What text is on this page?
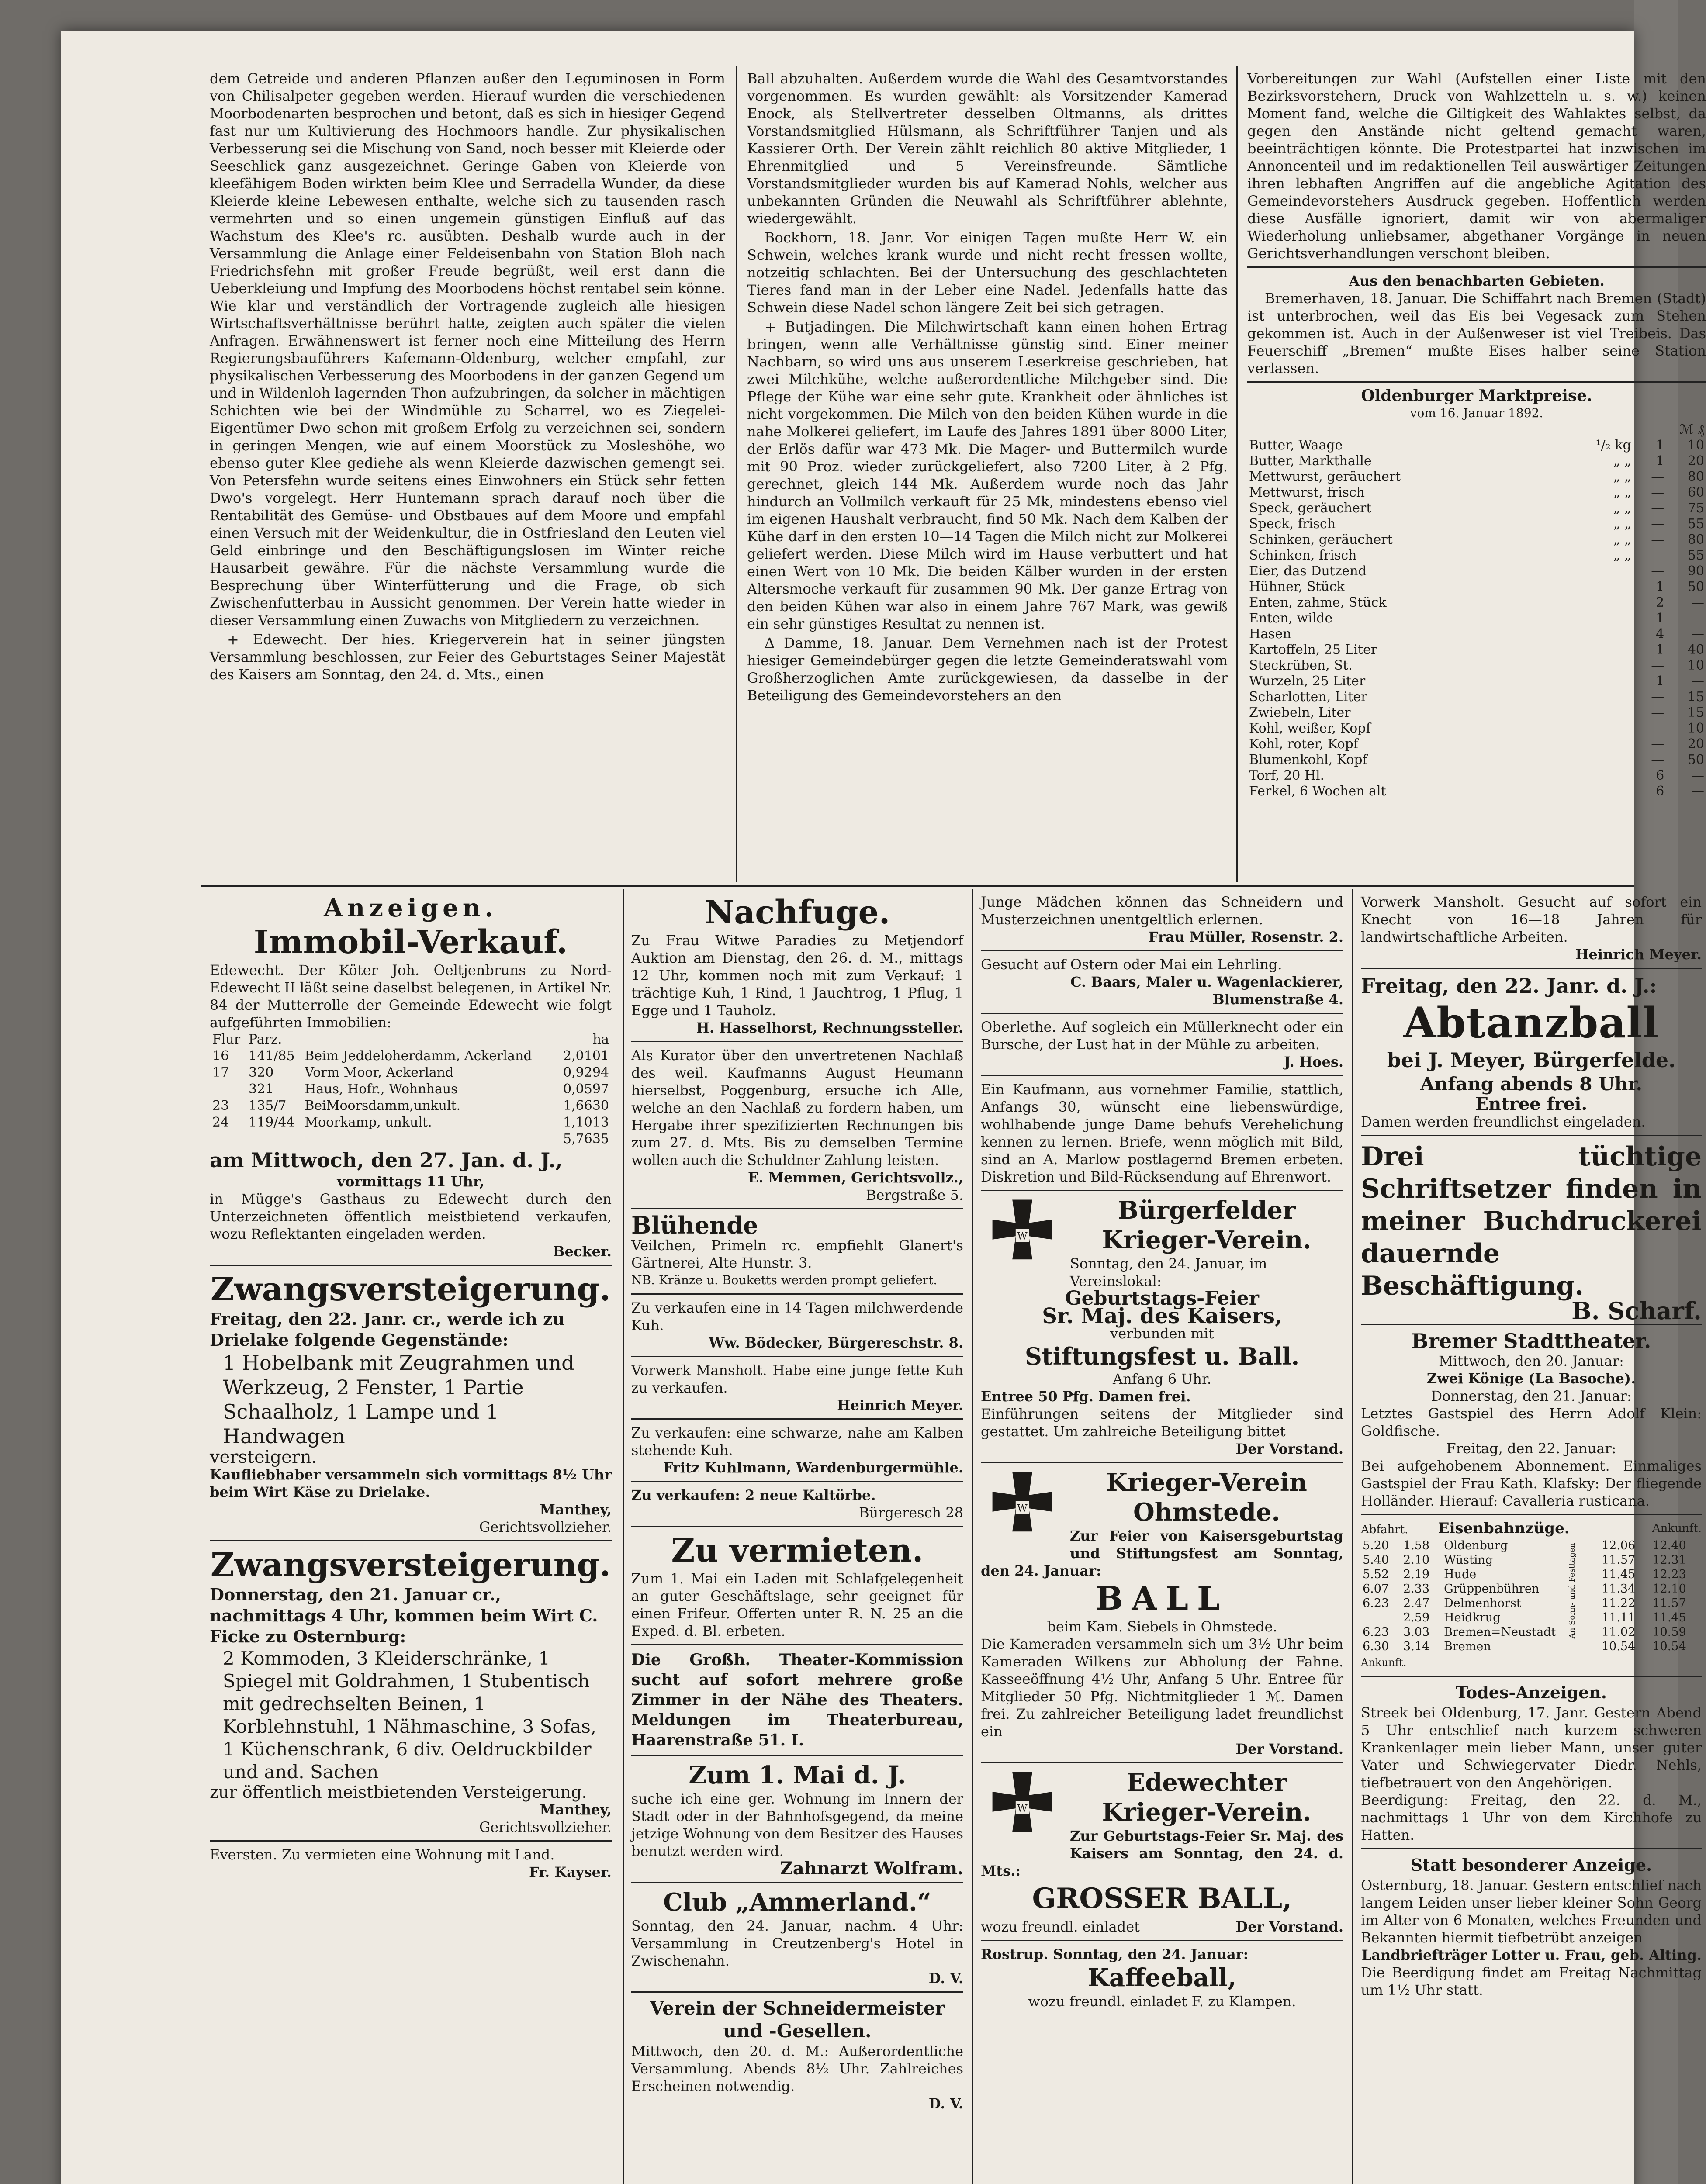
dem Getreide und anderen Pflanzen außer den Leguminosen in Form von Chilisalpeter gegeben werden. Hierauf wurden die verschiedenen Moorbodenarten besprochen und betont, daß es sich in hiesiger Gegend fast nur um Kultivierung des Hochmoors handle. Zur physikalischen Verbesserung sei die Mischung von Sand, noch besser mit Kleierde oder Seeschlick ganz ausgezeichnet. Geringe Gaben von Kleierde von kleefähigem Boden wirkten beim Klee und Serradella Wunder, da diese Kleierde kleine Lebewesen enthalte, welche sich zu tausenden rasch vermehrten und so einen ungemein günstigen Einfluß auf das Wachstum des Klee's rc. ausübten. Deshalb wurde auch in der Versammlung die Anlage einer Feldeisenbahn von Station Bloh nach Friedrichsfehn mit großer Freude begrüßt, weil erst dann die Ueberkleiung und Impfung des Moorbodens höchst rentabel sein könne. Wie klar und verständlich der Vortragende zugleich alle hiesigen Wirtschaftsverhältnisse berührt hatte, zeigten auch später die vielen Anfragen. Erwähnenswert ist ferner noch eine Mitteilung des Herrn Regierungsbauführers Kafemann-Oldenburg, welcher empfahl, zur physikalischen Verbesserung des Moorbodens in der ganzen Gegend um und in Wildenloh lagernden Thon aufzubringen, da solcher in mächtigen Schichten wie bei der Windmühle zu Scharrel, wo es Ziegelei-Eigentümer Dwo schon mit großem Erfolg zu verzeichnen sei, sondern in geringen Mengen, wie auf einem Moorstück zu Mosleshöhe, wo ebenso guter Klee gediehe als wenn Kleierde dazwischen gemengt sei. Von Petersfehn wurde seitens eines Einwohners ein Stück sehr fetten Dwo's vorgelegt. Herr Huntemann sprach darauf noch über die Rentabilität des Gemüse- und Obstbaues auf dem Moore und empfahl einen Versuch mit der Weidenkultur, die in Ostfriesland den Leuten viel Geld einbringe und den Beschäftigungslosen im Winter reiche Hausarbeit gewähre. Für die nächste Versammlung wurde die Besprechung über Winterfütterung und die Frage, ob sich Zwischenfutterbau in Aussicht genommen. Der Verein hatte wieder in dieser Versammlung einen Zuwachs von Mitgliedern zu verzeichnen.

+ Edewecht. Der hies. Kriegerverein hat in seiner jüngsten Versammlung beschlossen, zur Feier des Geburtstages Seiner Majestät des Kaisers am Sonntag, den 24. d. Mts., einen

Ball abzuhalten. Außerdem wurde die Wahl des Gesamtvorstandes vorgenommen. Es wurden gewählt: als Vorsitzender Kamerad Enock, als Stellvertreter desselben Oltmanns, als drittes Vorstandsmitglied Hülsmann, als Schriftführer Tanjen und als Kassierer Orth. Der Verein zählt reichlich 80 aktive Mitglieder, 1 Ehrenmitglied und 5 Vereinsfreunde. Sämtliche Vorstandsmitglieder wurden bis auf Kamerad Nohls, welcher aus unbekannten Gründen die Neuwahl als Schriftführer ablehnte, wiedergewählt.

Bockhorn, 18. Janr. Vor einigen Tagen mußte Herr W. ein Schwein, welches krank wurde und nicht recht fressen wollte, notzeitig schlachten. Bei der Untersuchung des geschlachteten Tieres fand man in der Leber eine Nadel. Jedenfalls hatte das Schwein diese Nadel schon längere Zeit bei sich getragen.

+ Butjadingen. Die Milchwirtschaft kann einen hohen Ertrag bringen, wenn alle Verhältnisse günstig sind. Einer meiner Nachbarn, so wird uns aus unserem Leserkreise geschrieben, hat zwei Milchkühe, welche außerordentliche Milchgeber sind. Die Pflege der Kühe war eine sehr gute. Krankheit oder ähnliches ist nicht vorgekommen. Die Milch von den beiden Kühen wurde in die nahe Molkerei geliefert, im Laufe des Jahres 1891 über 8000 Liter, der Erlös dafür war 473 Mk. Die Mager- und Buttermilch wurde mit 90 Proz. wieder zurückgeliefert, also 7200 Liter, à 2 Pfg. gerechnet, gleich 144 Mk. Außerdem wurde noch das Jahr hindurch an Vollmilch verkauft für 25 Mk, mindestens ebenso viel im eigenen Haushalt verbraucht, find 50 Mk. Nach dem Kalben der Kühe darf in den ersten 10—14 Tagen die Milch nicht zur Molkerei geliefert werden. Diese Milch wird im Hause verbuttert und hat einen Wert von 10 Mk. Die beiden Kälber wurden in der ersten Altersmoche verkauft für zusammen 90 Mk. Der ganze Ertrag von den beiden Kühen war also in einem Jahre 767 Mark, was gewiß ein sehr günstiges Resultat zu nennen ist.

Δ Damme, 18. Januar. Dem Vernehmen nach ist der Protest hiesiger Gemeindebürger gegen die letzte Gemeinderatswahl vom Großherzoglichen Amte zurückgewiesen, da dasselbe in der Beteiligung des Gemeindevorstehers an den

Vorbereitungen zur Wahl (Aufstellen einer Liste mit den Bezirksvorstehern, Druck von Wahlzetteln u. s. w.) keinen Moment fand, welche die Giltigkeit des Wahlaktes selbst, da gegen den Anstände nicht geltend gemacht waren, beeinträchtigen könnte. Die Protestpartei hat inzwischen im Annoncenteil und im redaktionellen Teil auswärtiger Zeitungen ihren lebhaften Angriffen auf die angebliche Agitation des Gemeindevorstehers Ausdruck gegeben. Hoffentlich werden diese Ausfälle ignoriert, damit wir von abermaliger Wiederholung unliebsamer, abgethaner Vorgänge in neuen Gerichtsverhandlungen verschont bleiben.

Aus den benachbarten Gebieten.

Bremerhaven, 18. Januar. Die Schiffahrt nach Bremen (Stadt) ist unterbrochen, weil das Eis bei Vegesack zum Stehen gekommen ist. Auch in der Außenweser ist viel Treibeis. Das Feuerschiff „Bremen“ mußte Eises halber seine Station verlassen.

Oldenburger Marktpreise.
vom 16. Januar 1892.
		ℳ ₰	
Butter, Waage	¹/₂ kg	1	10
Butter, Markthalle	„ „	1	20
Mettwurst, geräuchert	„ „	—	80
Mettwurst, frisch	„ „	—	60
Speck, geräuchert	„ „	—	75
Speck, frisch	„ „	—	55
Schinken, geräuchert	„ „	—	80
Schinken, frisch	„ „	—	55
Eier, das Dutzend		—	90
Hühner, Stück		1	50
Enten, zahme, Stück		2	—
Enten, wilde		1	—
Hasen		4	—
Kartoffeln, 25 Liter		1	40
Steckrüben, St.		—	10
Wurzeln, 25 Liter		1	—
Scharlotten, Liter		—	15
Zwiebeln, Liter		—	15
Kohl, weißer, Kopf		—	10
Kohl, roter, Kopf		—	20
Blumenkohl, Kopf		—	50
Torf, 20 Hl.		6	—
Ferkel, 6 Wochen alt		6	—
Anzeigen.
Immobil-Verkauf.
Edewecht. Der Köter Joh. Oeltjenbruns zu Nord-Edewecht II läßt seine daselbst belegenen, in Artikel Nr. 84 der Mutterrolle der Gemeinde Edewecht wie folgt aufgeführten Immobilien:
Flur	Parz.		ha
16	141/85	Beim Jeddeloherdamm, Ackerland	2,0101
17	320	Vorm Moor, Ackerland	0,9294
	321	Haus, Hofr., Wohnhaus	0,0597
23	135/7	BeiMoorsdamm,unkult.	1,6630
24	119/44	Moorkamp, unkult.	1,1013
			5,7635
am Mittwoch, den 27. Jan. d. J.,
vormittags 11 Uhr,
in Mügge's Gasthaus zu Edewecht durch den Unterzeichneten öffentlich meistbietend verkaufen, wozu Reflektanten eingeladen werden.
Becker.
Zwangsversteigerung.
Freitag, den 22. Janr. cr., werde ich zu Drielake folgende Gegenstände:
1 Hobelbank mit Zeugrahmen und Werkzeug, 2 Fenster, 1 Partie Schaalholz, 1 Lampe und 1 Handwagen
versteigern.
Kaufliebhaber versammeln sich vormittags 8½ Uhr beim Wirt Käse zu Drielake.
Manthey,
Gerichtsvollzieher.
Zwangsversteigerung.
Donnerstag, den 21. Januar cr., nachmittags 4 Uhr, kommen beim Wirt C. Ficke zu Osternburg:
2 Kommoden, 3 Kleiderschränke, 1 Spiegel mit Goldrahmen, 1 Stubentisch mit gedrechselten Beinen, 1 Korblehnstuhl, 1 Nähmaschine, 3 Sofas, 1 Küchenschrank, 6 div. Oeldruckbilder und and. Sachen
zur öffentlich meistbietenden Versteigerung.
Manthey,
Gerichtsvollzieher.
Eversten. Zu vermieten eine Wohnung mit Land.
Fr. Kayser.
Nachfuge.
Zu Frau Witwe Paradies zu Metjendorf Auktion am Dienstag, den 26. d. M., mittags 12 Uhr, kommen noch mit zum Verkauf: 1 trächtige Kuh, 1 Rind, 1 Jauchtrog, 1 Pflug, 1 Egge und 1 Tauholz.
H. Hasselhorst, Rechnungssteller.
Als Kurator über den unvertretenen Nachlaß des weil. Kaufmanns August Heumann hierselbst, Poggenburg, ersuche ich Alle, welche an den Nachlaß zu fordern haben, um Hergabe ihrer spezifizierten Rechnungen bis zum 27. d. Mts. Bis zu demselben Termine wollen auch die Schuldner Zahlung leisten.
E. Memmen, Gerichtsvollz.,
Bergstraße 5.
Blühende
Veilchen, Primeln rc. empfiehlt Glanert's Gärtnerei, Alte Hunstr. 3.
NB. Kränze u. Bouketts werden prompt geliefert.
Zu verkaufen eine in 14 Tagen milchwerdende Kuh.
Ww. Bödecker, Bürgereschstr. 8.
Vorwerk Mansholt. Habe eine junge fette Kuh zu verkaufen.
Heinrich Meyer.
Zu verkaufen: eine schwarze, nahe am Kalben stehende Kuh.
Fritz Kuhlmann, Wardenburgermühle.
Zu verkaufen: 2 neue Kaltörbe.
Bürgeresch 28
Zu vermieten.
Zum 1. Mai ein Laden mit Schlafgelegenheit an guter Geschäftslage, sehr geeignet für einen Frifeur. Offerten unter R. N. 25 an die Exped. d. Bl. erbeten.
Die Großh. Theater-Kommission sucht auf sofort mehrere große Zimmer in der Nähe des Theaters. Meldungen im Theaterbureau, Haarenstraße 51. I.
Zum 1. Mai d. J.
suche ich eine ger. Wohnung im Innern der Stadt oder in der Bahnhofsgegend, da meine jetzige Wohnung von dem Besitzer des Hauses benutzt werden wird.
Zahnarzt Wolfram.
Club „Ammerland.“
Sonntag, den 24. Januar, nachm. 4 Uhr: Versammlung in Creutzenberg's Hotel in Zwischenahn.
D. V.
Verein der Schneidermeister und -Gesellen.
Mittwoch, den 20. d. M.: Außerordentliche Versammlung. Abends 8½ Uhr. Zahlreiches Erscheinen notwendig.
D. V.
Junge Mädchen können das Schneidern und Musterzeichnen unentgeltlich erlernen.
Frau Müller, Rosenstr. 2.
Gesucht auf Ostern oder Mai ein Lehrling.
C. Baars, Maler u. Wagenlackierer, Blumenstraße 4.
Oberlethe. Auf sogleich ein Müllerknecht oder ein Bursche, der Lust hat in der Mühle zu arbeiten.
J. Hoes.
Ein Kaufmann, aus vornehmer Familie, stattlich, Anfangs 30, wünscht eine liebenswürdige, wohlhabende junge Dame behufs Verehelichung kennen zu lernen. Briefe, wenn möglich mit Bild, sind an A. Marlow postlagernd Bremen erbeten. Diskretion und Bild-Rücksendung auf Ehrenwort.
W
Bürgerfelder Krieger-Verein.
Sonntag, den 24. Januar, im Vereinslokal:
Geburtstags-Feier
Sr. Maj. des Kaisers,
verbunden mit
Stiftungsfest u. Ball.
Anfang 6 Uhr.
Entree 50 Pfg. Damen frei.
Einführungen seitens der Mitglieder sind gestattet. Um zahlreiche Beteiligung bittet
Der Vorstand.
W
Krieger-Verein Ohmstede.
Zur Feier von Kaisersgeburtstag und Stiftungsfest am Sonntag, den 24. Januar:
BALL
beim Kam. Siebels in Ohmstede.
Die Kameraden versammeln sich um 3½ Uhr beim Kameraden Wilkens zur Abholung der Fahne. Kasseeöffnung 4½ Uhr, Anfang 5 Uhr. Entree für Mitglieder 50 Pfg. Nichtmitglieder 1 ℳ. Damen frei. Zu zahlreicher Beteiligung ladet freundlichst ein
Der Vorstand.
W
Edewechter Krieger-Verein.
Zur Geburtstags-Feier Sr. Maj. des Kaisers am Sonntag, den 24. d. Mts.:
GROSSER BALL,
wozu freundl. einladet	Der Vorstand.
Rostrup. Sonntag, den 24. Januar:
Kaffeeball,
wozu freundl. einladet F. zu Klampen.
Vorwerk Mansholt. Gesucht auf sofort ein Knecht von 16—18 Jahren für landwirtschaftliche Arbeiten.
Heinrich Meyer.
Freitag, den 22. Janr. d. J.:
Abtanzball
bei J. Meyer, Bürgerfelde.
Anfang abends 8 Uhr.
Entree frei.
Damen werden freundlichst eingeladen.
Drei tüchtige Schriftsetzer finden in meiner Buchdruckerei dauernde Beschäftigung.
B. Scharf.
Bremer Stadttheater.
Mittwoch, den 20. Januar:
Zwei Könige (La Basoche).
Donnerstag, den 21. Januar:
Letztes Gastspiel des Herrn Adolf Klein: Goldfische.
Freitag, den 22. Januar:
Bei aufgehobenem Abonnement. Einmaliges Gastspiel der Frau Kath. Klafsky: Der fliegende Holländer. Hierauf: Cavalleria rusticana.
Abfahrt. Eisenbahnzüge.	Ankunft.
5.20	1.58	Oldenburg	12.06	12.40
5.40	2.10	Wüsting	11.57	12.31
5.52	2.19	Hude	11.45	12.23
6.07	2.33	Grüppenbühren	11.34	12.10
6.23	2.47	Delmenhorst	11.22	11.57
	2.59	Heidkrug	11.11	11.45
6.23	3.03	Bremen=Neustadt	11.02	10.59
6.30	3.14	Bremen	10.54	10.54
An Sonn- und Festtagen
Ankunft.
Todes-Anzeigen.
Streek bei Oldenburg, 17. Janr. Gestern Abend 5 Uhr entschlief nach kurzem schweren Krankenlager mein lieber Mann, unser guter Vater und Schwiegervater Diedr. Nehls, tiefbetrauert von den Angehörigen.
Beerdigung: Freitag, den 22. d. M., nachmittags 1 Uhr von dem Kirchhofe zu Hatten.
Statt besonderer Anzeige.
Osternburg, 18. Januar. Gestern entschlief nach langem Leiden unser lieber kleiner Sohn Georg im Alter von 6 Monaten, welches Freunden und Bekannten hiermit tiefbetrübt anzeigen
Landbriefträger Lotter u. Frau, geb. Alting.
Die Beerdigung findet am Freitag Nachmittag um 1½ Uhr statt.
